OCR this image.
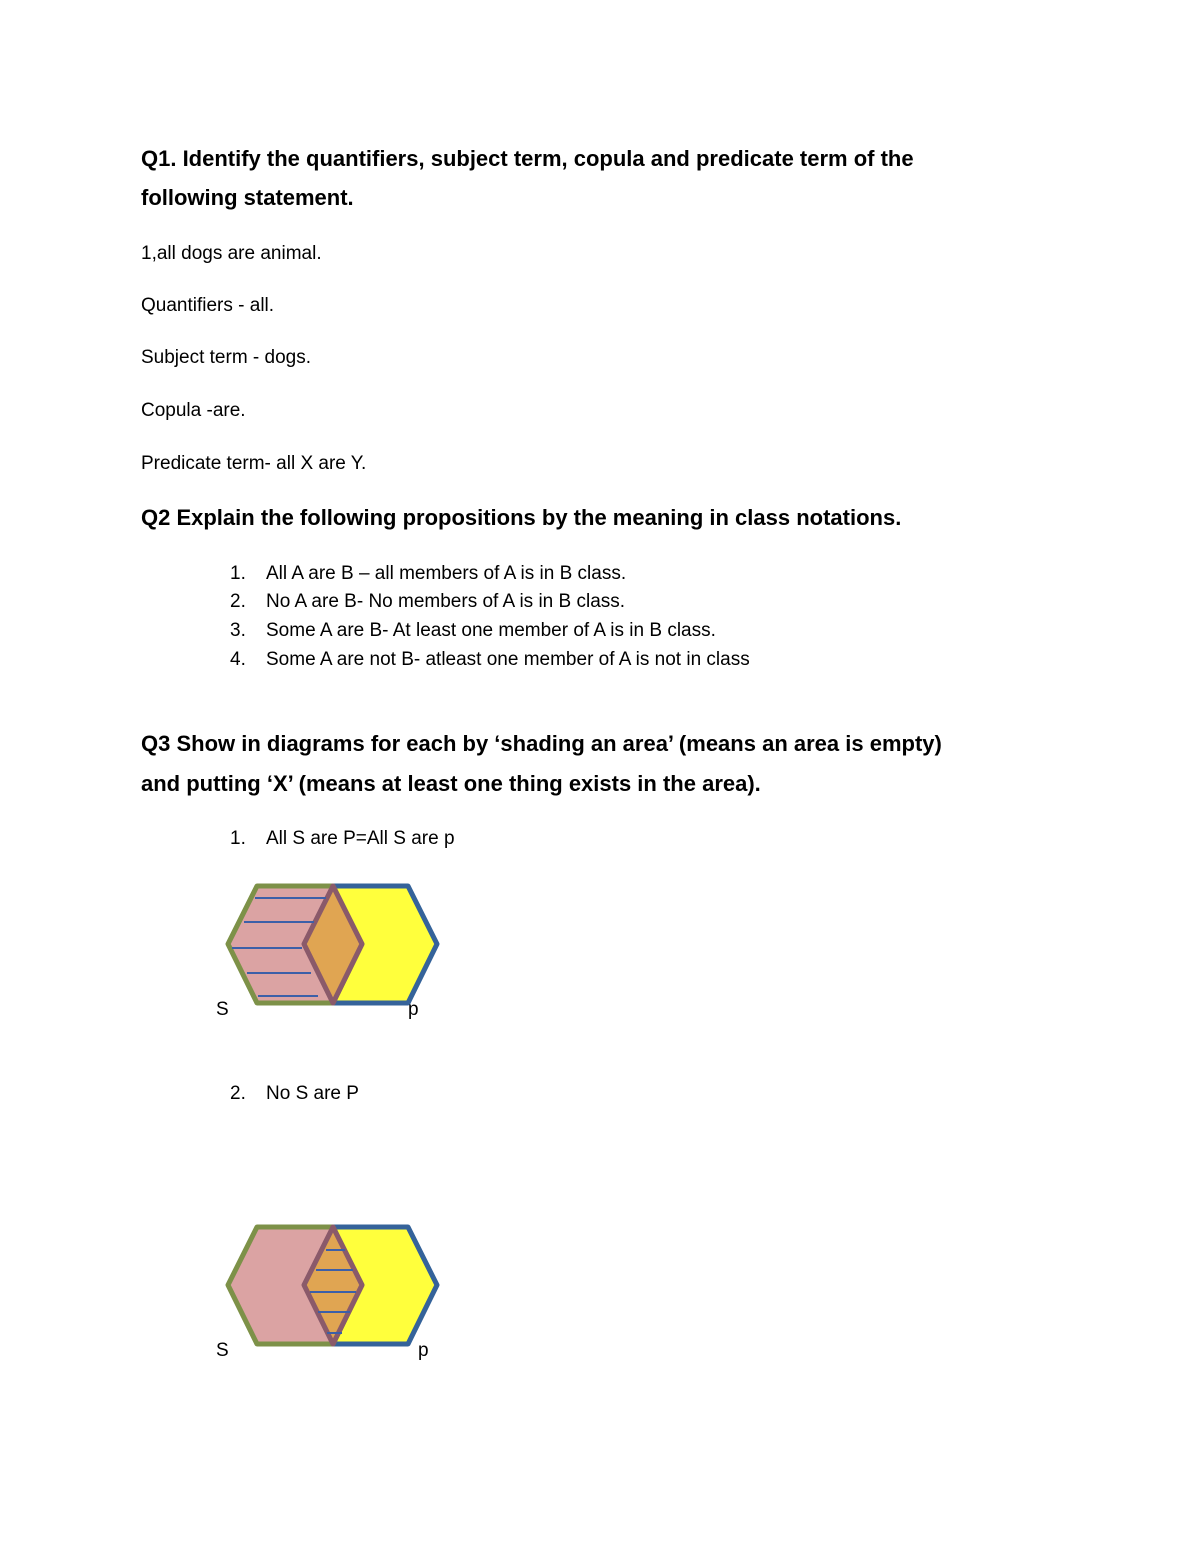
Q1. Identify the quantifiers, subject term, copula and predicate term of the
following statement.
1,all dogs are animal.
Quantifiers - all.
Subject term - dogs.
Copula -are.
Predicate term- all X are Y.
Q2 Explain the following propositions by the meaning in class notations.
1. All A are B – all members of A is in B class.
2. No A are B- No members of A is in B class.
3. Some A are B- At least one member of A is in B class.
4. Some A are not B- atleast one member of A is not in class
Q3 Show in diagrams for each by ‘shading an area’ (means an area is empty)
and putting ‘X’ (means at least one thing exists in the area).
1. All S are P=All S are p
S	p
2. No S are P
S	p
